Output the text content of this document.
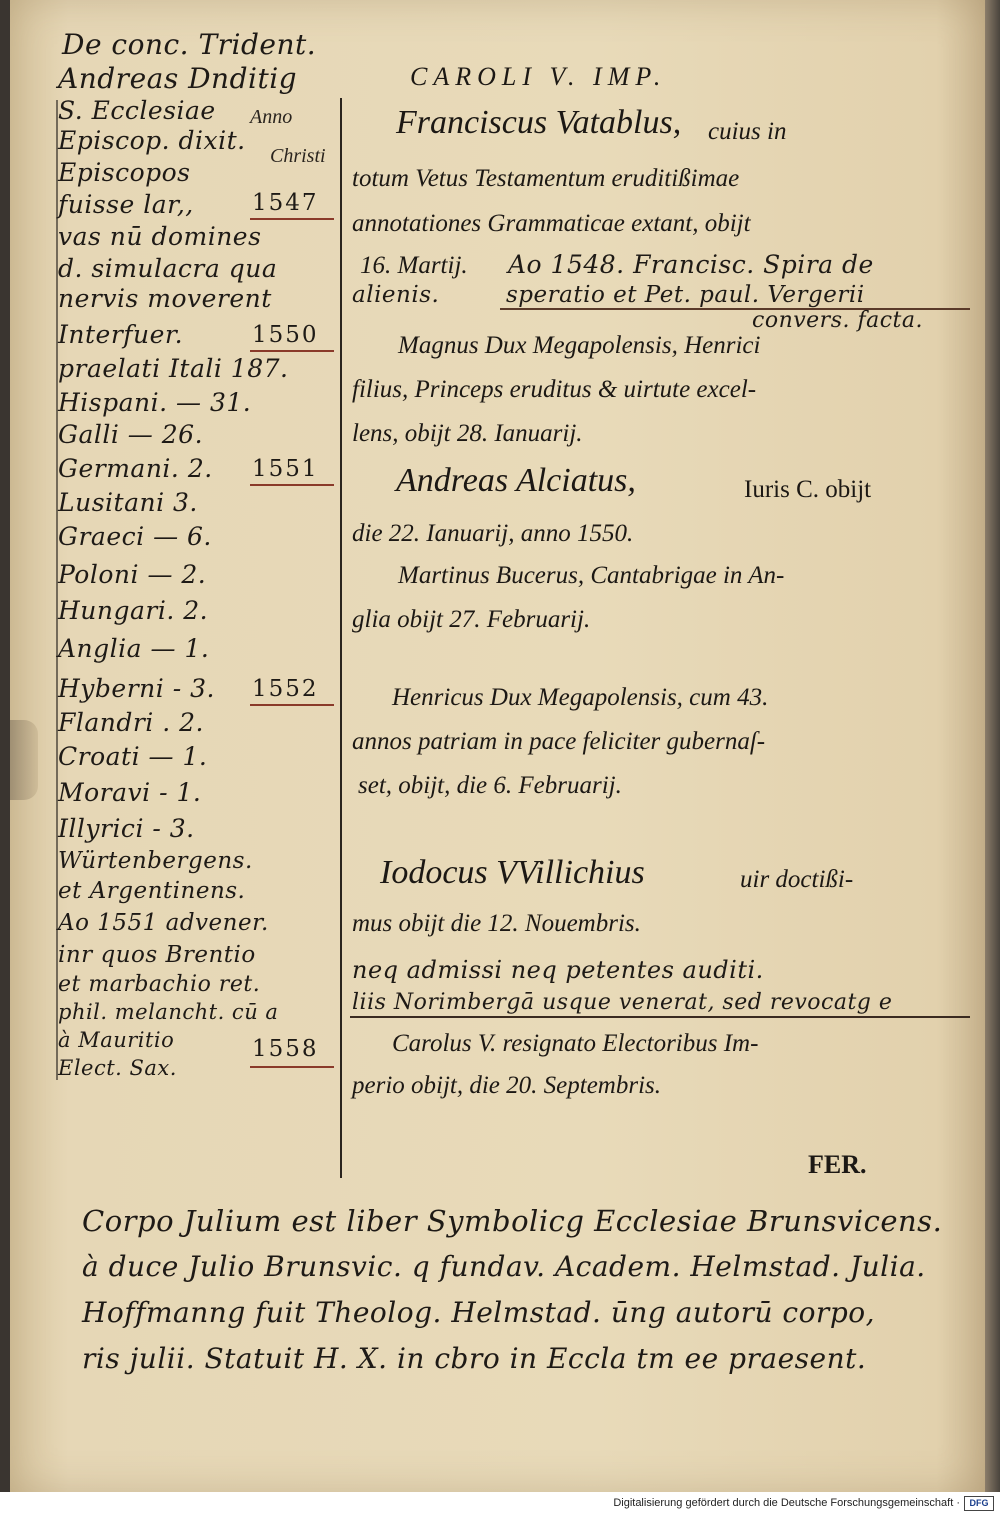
De conc. Trident.
Andreas Dnditig	CAROLI V. IMP.
Anno
Christi
S. Ecclesiae
Episcop. dixit.
Episcopos
fuisse lar,,
vas nū domines
d. simulacra qua
nervis moverent
Interfuer.
praelati Itali 187.
Hispani. — 31.
Galli — 26.
Germani. 2.
Lusitani 3.
Graeci — 6.
Poloni — 2.
Hungari. 2.
Anglia — 1.
Hyberni - 3.
Flandri . 2.
Croati — 1.
Moravi - 1.
Illyrici - 3.
Würtenbergens.
et Argentinens.
Ao 1551 advener.
inr quos Brentio
et marbachio ret.
phil. melancht. cū a
à Mauritio
Elect. Sax.
1547
1550
1551
1552
1558
Franciscus Vatablus, cuius in
totum Vetus Testamentum eruditißimae
annotationes Grammaticae extant, obijt
16. Martij. Ao 1548. Francisc. Spira de
alienis.	speratio et Pet. paul. Vergerii
convers. facta.
Magnus Dux Megapolensis, Henrici
filius, Princeps eruditus & uirtute excel-
lens, obijt 28. Ianuarij.
Andreas Alciatus,	Iuris C. obijt
die 22. Ianuarij, anno 1550.
Martinus Bucerus, Cantabrigae in An-
glia obijt 27. Februarij.
Henricus Dux Megapolensis, cum 43.
annos patriam in pace feliciter gubernaſ-
set, obijt, die 6. Februarij.
Iodocus VVillichius	uir doctißi-
mus obijt die 12. Nouembris.
neq admissi neq petentes auditi.
liis Norimbergā usque venerat, sed revocatg e
Carolus V. resignato Electoribus Im-
perio obijt, die 20. Septembris.
FER.
Corpo Julium est liber Symbolicg Ecclesiae Brunsvicens.
à duce Julio Brunsvic. q fundav. Academ. Helmstad. Julia.
Hoffmanng fuit Theolog. Helmstad. ūng autorū corpo,
ris julii. Statuit H. X. in cbro in Eccla tm ee praesent.
Digitalisierung gefördert durch die Deutsche Forschungsgemeinschaft ·	DFG
